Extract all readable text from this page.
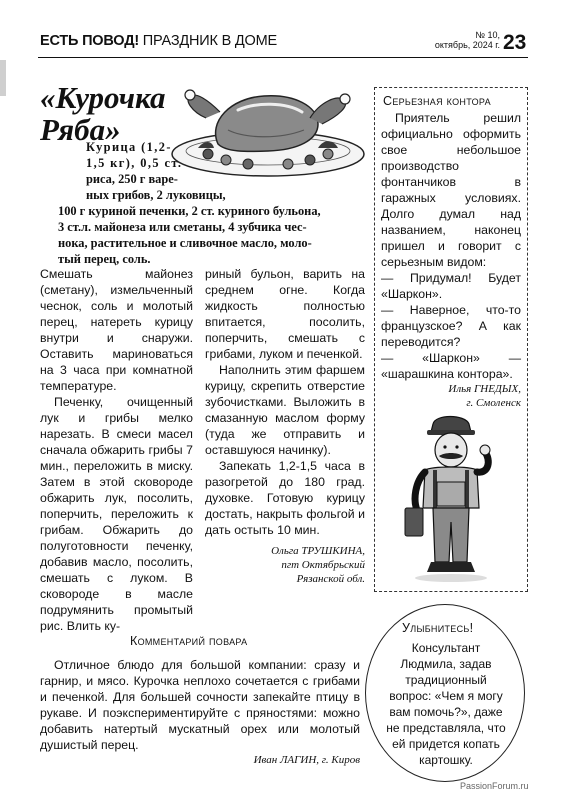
ЕСТЬ ПОВОД! ПРАЗДНИК В ДОМЕ	№ 10,
октябрь, 2024 г. 23
«Курочка
Ряба»
Курица (1,2-
1,5 кг), 0,5 ст.
риса, 250 г варе-
ных грибов, 2 луковицы,
100 г куриной печенки, 2 ст. куриного бульона,
3 ст.л. майонеза или сметаны, 4 зубчика чес-
нока, растительное и сливочное масло, моло-
тый перец, соль.

Смешать майонез (сметану), измельченный чеснок, соль и молотый перец, натереть курицу внутри и снаружи. Оставить мариноваться на 3 часа при комнатной температуре.

Печенку, очищенный лук и грибы мелко нарезать. В смеси масел сначала обжарить грибы 7 мин., переложить в миску. Затем в этой сковороде обжарить лук, посолить, поперчить, переложить к грибам. Обжарить до полуготовности печенку, добавив масло, посолить, смешать с луком. В сковороде в масле подрумянить промытый рис. Влить ку-

риный бульон, варить на среднем огне. Когда жидкость полностью впитается, посолить, поперчить, смешать с грибами, луком и печенкой.

Наполнить этим фаршем курицу, скрепить отверстие зубочистками. Выложить в смазанную маслом форму (туда же отправить и оставшуюся начинку).

Запекать 1,2-1,5 часа в разогретой до 180 град. духовке. Готовую курицу достать, накрыть фольгой и дать остыть 10 мин.

Ольга ТРУШКИНА,
пгт Октябрьский
Рязанской обл.
Серьезная контора

Приятель решил официально оформить свое небольшое производство фонтанчиков в гаражных условиях. Долго думал над названием, наконец пришел и говорит с серьезным видом:

— Придумал! Будет «Шаркон».

— Наверное, что-то французское? А как переводится?

— «Шаркон» — «шарашкина контора».

Илья ГНЕДЫХ,
г. Смоленск
Комментарий повара

Отличное блюдо для большой компании: сразу и гарнир, и мясо. Курочка неплохо сочетается с грибами и печенкой. Для большей сочности запекайте птицу в рукаве. И поэкспериментируйте с пряностями: можно добавить натертый мускатный орех или молотый душистый перец.

Иван ЛАГИН, г. Киров
Улыбнитесь!
Консультант Людмила, задав традиционный вопрос: «Чем я могу вам помочь?», даже не представляла, что ей придется копать картошку.
PassionForum.ru
